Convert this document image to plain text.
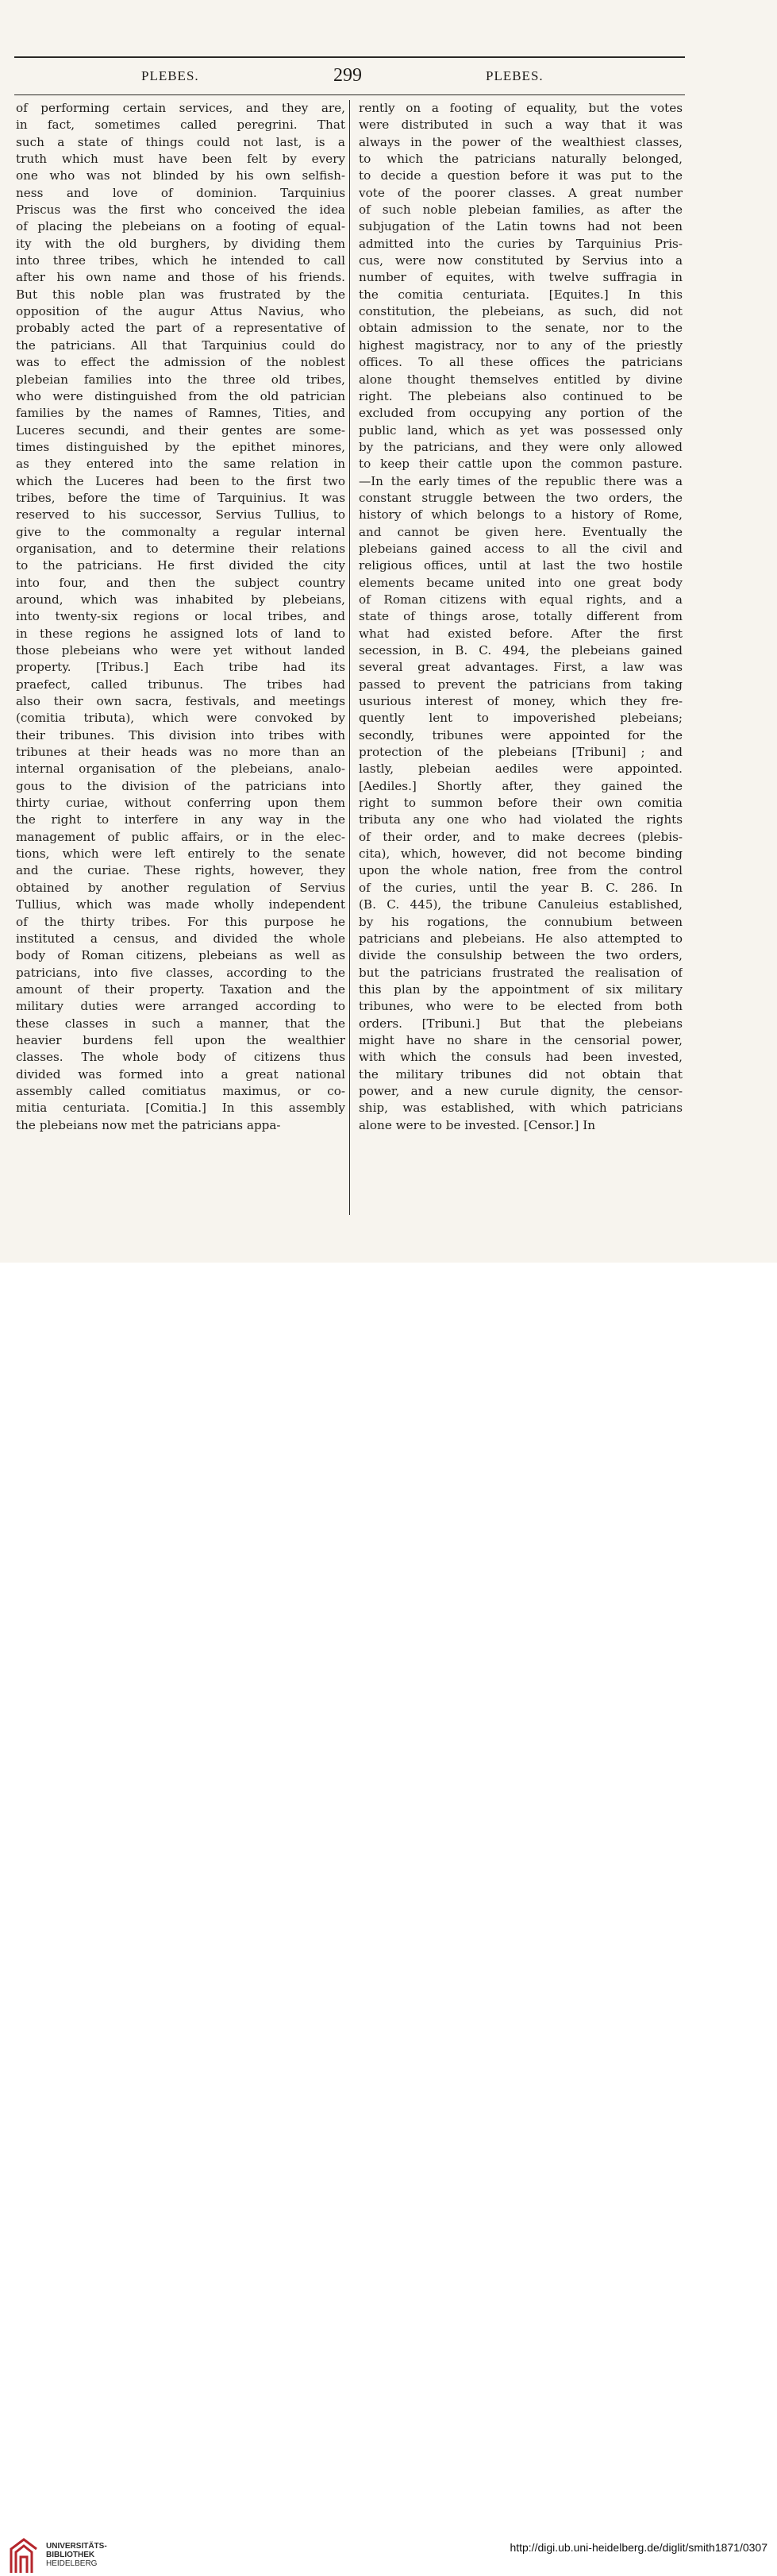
PLEBES.	299	PLEBES.
of performing certain services, and they are,
in fact, sometimes called peregrini. That
such a state of things could not last, is a
truth which must have been felt by every
one who was not blinded by his own selfish-
ness and love of dominion. Tarquinius
Priscus was the first who conceived the idea
of placing the plebeians on a footing of equal-
ity with the old burghers, by dividing them
into three tribes, which he intended to call
after his own name and those of his friends.
But this noble plan was frustrated by the
opposition of the augur Attus Navius, who
probably acted the part of a representative of
the patricians. All that Tarquinius could do
was to effect the admission of the noblest
plebeian families into the three old tribes,
who were distinguished from the old patrician
families by the names of Ramnes, Tities, and
Luceres secundi, and their gentes are some-
times distinguished by the epithet minores,
as they entered into the same relation in
which the Luceres had been to the first two
tribes, before the time of Tarquinius. It was
reserved to his successor, Servius Tullius, to
give to the commonalty a regular internal
organisation, and to determine their relations
to the patricians. He first divided the city
into four, and then the subject country
around, which was inhabited by plebeians,
into twenty-six regions or local tribes, and
in these regions he assigned lots of land to
those plebeians who were yet without landed
property. [Tribus.] Each tribe had its
praefect, called tribunus. The tribes had
also their own sacra, festivals, and meetings
(comitia tributa), which were convoked by
their tribunes. This division into tribes with
tribunes at their heads was no more than an
internal organisation of the plebeians, analo-
gous to the division of the patricians into
thirty curiae, without conferring upon them
the right to interfere in any way in the
management of public affairs, or in the elec-
tions, which were left entirely to the senate
and the curiae. These rights, however, they
obtained by another regulation of Servius
Tullius, which was made wholly independent
of the thirty tribes. For this purpose he
instituted a census, and divided the whole
body of Roman citizens, plebeians as well as
patricians, into five classes, according to the
amount of their property. Taxation and the
military duties were arranged according to
these classes in such a manner, that the
heavier burdens fell upon the wealthier
classes. The whole body of citizens thus
divided was formed into a great national
assembly called comitiatus maximus, or co-
mitia centuriata. [Comitia.] In this assembly
the plebeians now met the patricians appa-
rently on a footing of equality, but the votes
were distributed in such a way that it was
always in the power of the wealthiest classes,
to which the patricians naturally belonged,
to decide a question before it was put to the
vote of the poorer classes. A great number
of such noble plebeian families, as after the
subjugation of the Latin towns had not been
admitted into the curies by Tarquinius Pris-
cus, were now constituted by Servius into a
number of equites, with twelve suffragia in
the comitia centuriata. [Equites.] In this
constitution, the plebeians, as such, did not
obtain admission to the senate, nor to the
highest magistracy, nor to any of the priestly
offices. To all these offices the patricians
alone thought themselves entitled by divine
right. The plebeians also continued to be
excluded from occupying any portion of the
public land, which as yet was possessed only
by the patricians, and they were only allowed
to keep their cattle upon the common pasture.
—In the early times of the republic there was a
constant struggle between the two orders, the
history of which belongs to a history of Rome,
and cannot be given here. Eventually the
plebeians gained access to all the civil and
religious offices, until at last the two hostile
elements became united into one great body
of Roman citizens with equal rights, and a
state of things arose, totally different from
what had existed before. After the first
secession, in B. C. 494, the plebeians gained
several great advantages. First, a law was
passed to prevent the patricians from taking
usurious interest of money, which they fre-
quently lent to impoverished plebeians;
secondly, tribunes were appointed for the
protection of the plebeians [Tribuni] ; and
lastly, plebeian aediles were appointed.
[Aediles.] Shortly after, they gained the
right to summon before their own comitia
tributa any one who had violated the rights
of their order, and to make decrees (plebis-
cita), which, however, did not become binding
upon the whole nation, free from the control
of the curies, until the year B. C. 286. In
(B. C. 445), the tribune Canuleius established,
by his rogations, the connubium between
patricians and plebeians. He also attempted to
divide the consulship between the two orders,
but the patricians frustrated the realisation of
this plan by the appointment of six military
tribunes, who were to be elected from both
orders. [Tribuni.] But that the plebeians
might have no share in the censorial power,
with which the consuls had been invested,
the military tribunes did not obtain that
power, and a new curule dignity, the censor-
ship, was established, with which patricians
alone were to be invested. [Censor.] In
UNIVERSITÄTS-
BIBLIOTHEK
HEIDELBERG
http://digi.ub.uni-heidelberg.de/diglit/smith1871/0307
